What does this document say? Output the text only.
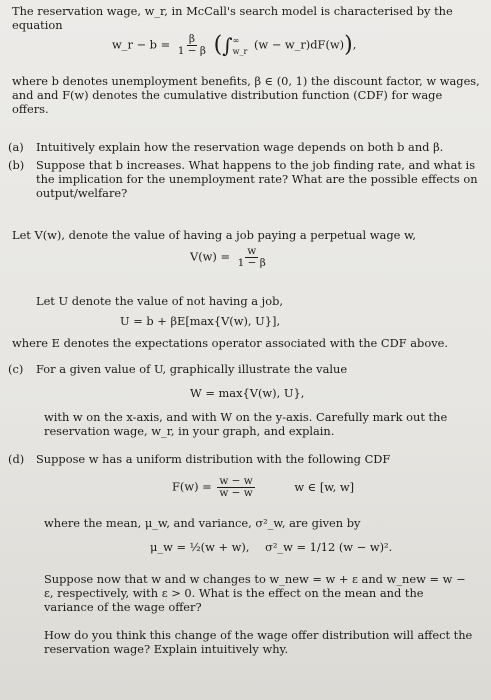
The reservation wage, w_r, in McCall's search model is characterised by the
equation
w_r − $b = \frac{\beta}{1 - \beta}$ (∫ ∞
w_r (w − w_r)dF(w)),
where b denotes unemployment benefits, β ∈ (0, 1) the discount factor, w wages, and and F(w) denotes the cumulative distribution function (CDF) for wage offers.
(a)	Intuitively explain how the reservation wage depends on both b and β.
(b)	Suppose that b increases. What happens to the job finding rate, and what is the implication for the unemployment rate? What are the possible effects on output/welfare?
Let V(w), denote the value of having a job paying a perpetual wage w,
$V(w) = \frac{w}{1 - \beta}$
Let U denote the value of not having a job,
U = b + βE[max{V(w), U}],
where E denotes the expectations operator associated with the CDF above.
(c)	For a given value of U, graphically illustrate the value
W = max{V(w), U},
with w on the x-axis, and with W on the y-axis. Carefully mark out the reservation wage, w_r, in your graph, and explain.
(d)	Suppose w has a uniform distribution with the following CDF
$F(w) = \frac{w - w}{w - w}$	w ∈ [w, w]
where the mean, μ_w, and variance, σ²_w, are given by
μ_w = ½(w + w), σ²_w = 1/12 (w − w)².
Suppose now that w and w changes to w_new = w + ε and w_new = w − ε, respectively, with ε > 0. What is the effect on the mean and the variance of the wage offer?
How do you think this change of the wage offer distribution will affect the reservation wage? Explain intuitively why.
